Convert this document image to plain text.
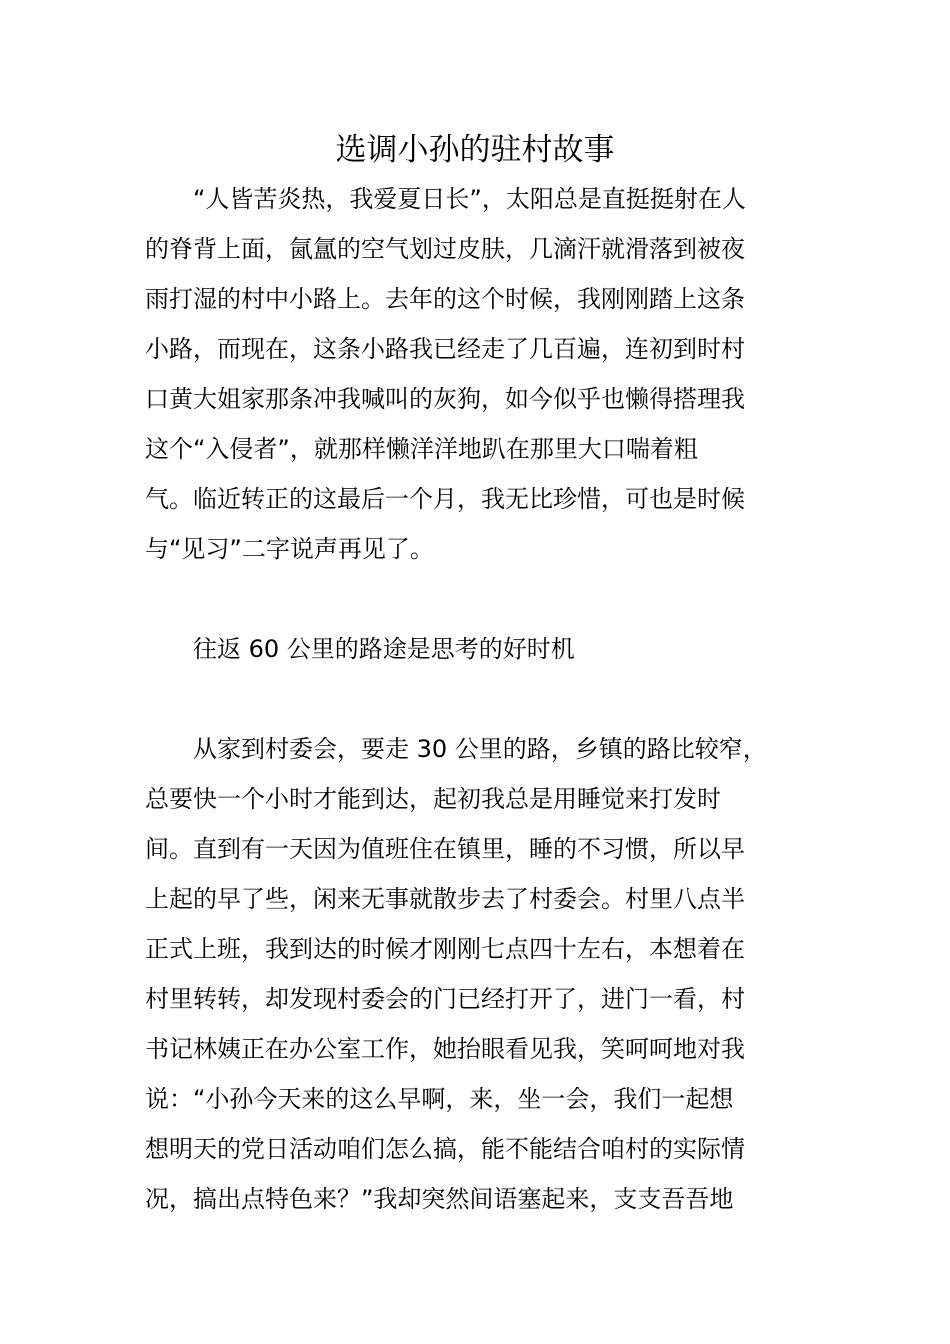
选调小孙的驻村故事
“人皆苦炎热，我爱夏日长”，太阳总是直挺挺射在人
的脊背上面，氤氲的空气划过皮肤，几滴汗就滑落到被夜
雨打湿的村中小路上。去年的这个时候，我刚刚踏上这条
小路，而现在，这条小路我已经走了几百遍，连初到时村
口黄大姐家那条冲我喊叫的灰狗，如今似乎也懒得搭理我
这个“入侵者”，就那样懒洋洋地趴在那里大口喘着粗
气。临近转正的这最后一个月，我无比珍惜，可也是时候
与“见习”二字说声再见了。
往返 60 公里的路途是思考的好时机
从家到村委会，要走 30 公里的路，乡镇的路比较窄，
总要快一个小时才能到达，起初我总是用睡觉来打发时
间。直到有一天因为值班住在镇里，睡的不习惯，所以早
上起的早了些，闲来无事就散步去了村委会。村里八点半
正式上班，我到达的时候才刚刚七点四十左右，本想着在
村里转转，却发现村委会的门已经打开了，进门一看，村
书记林姨正在办公室工作，她抬眼看见我，笑呵呵地对我
说：“小孙今天来的这么早啊，来，坐一会，我们一起想
想明天的党日活动咱们怎么搞，能不能结合咱村的实际情
况，搞出点特色来？”我却突然间语塞起来，支支吾吾地
